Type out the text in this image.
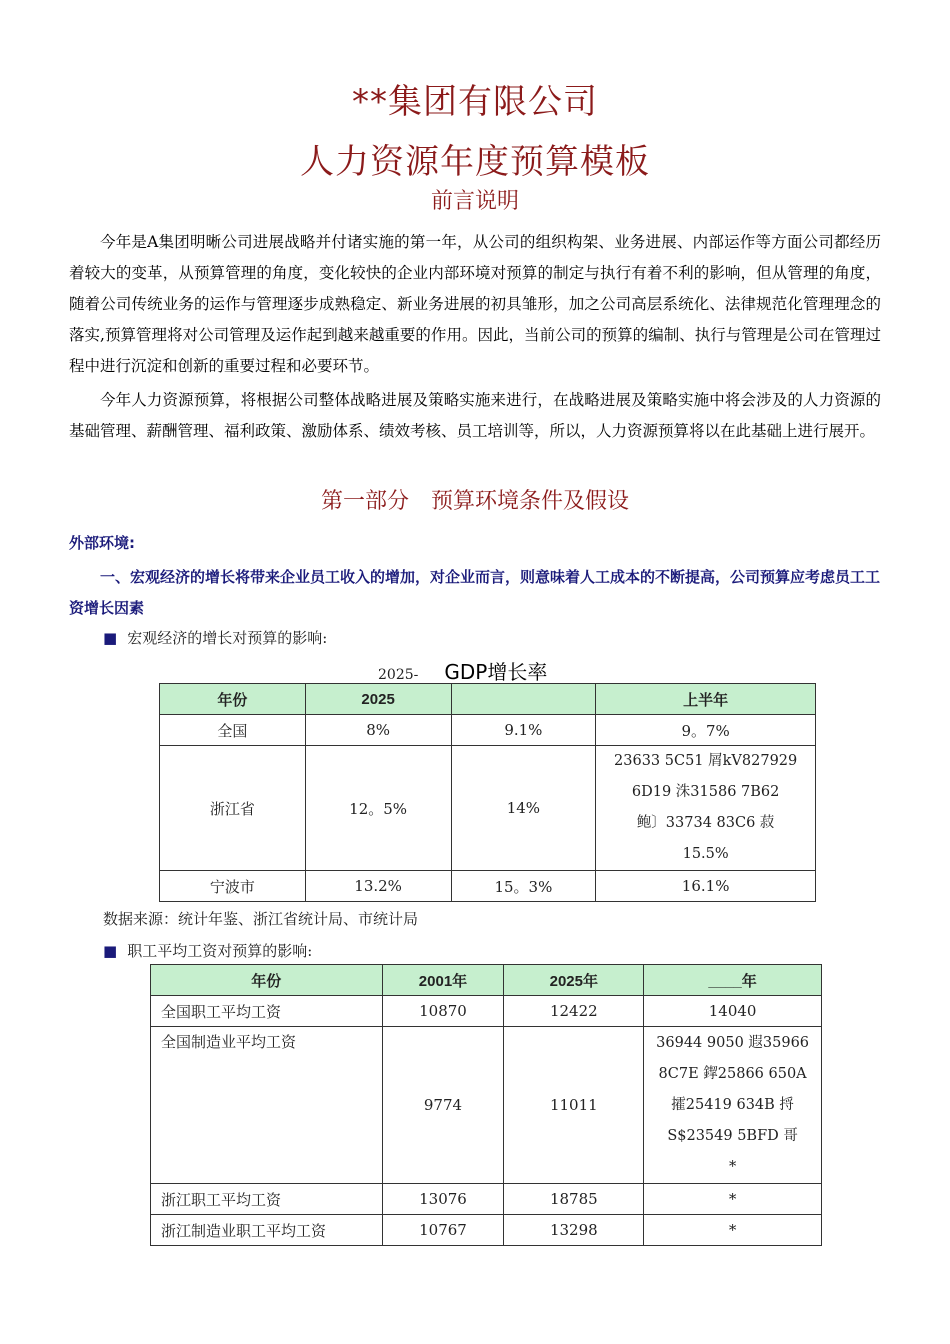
**集团有限公司
人力资源年度预算模板
前言说明
今年是A集团明晰公司进展战略并付诸实施的第一年，从公司的组织构架、业务进展、内部运作等方面公司都经历着较大的变革，从预算管理的角度，变化较快的企业内部环境对预算的制定与执行有着不利的影响，但从管理的角度，随着公司传统业务的运作与管理逐步成熟稳定、新业务进展的初具雏形，加之公司高层系统化、法律规范化管理理念的落实,预算管理将对公司管理及运作起到越来越重要的作用。因此，当前公司的预算的编制、执行与管理是公司在管理过程中进行沉淀和创新的重要过程和必要环节。
今年人力资源预算，将根据公司整体战略进展及策略实施来进行，在战略进展及策略实施中将会涉及的人力资源的基础管理、薪酬管理、福利政策、激励体系、绩效考核、员工培训等，所以，人力资源预算将以在此基础上进行展开。
第一部分　预算环境条件及假设
外部环境:
一、宏观经济的增长将带来企业员工收入的增加，对企业而言，则意味着人工成本的不断提高，公司预算应考虑员工工资增长因素
■ 宏观经济的增长对预算的影响:
2025- GDP增长率
年份	2025		上半年
全国	8%	9.1%	9。7%
浙江省	12。5%	14%	23633 5C51 屑kV827929
6D19 洙31586 7B62
鲍〕33734 83C6 菽
15.5%

宁波市	13.2%	15。3%	16.1%
数据来源：统计年鉴、浙江省统计局、市统计局
■ 职工平均工资对预算的影响:
年份	2001年	2025年	____年
全国职工平均工资	10870	12422	14040
全国制造业平均工资	9774	11011	36944 9050 遐35966
8C7E 䤿25866 650A
攉25419 634B 捋
S$23549 5BFD 哥
*

浙江职工平均工资	13076	18785	*
浙江制造业职工平均工资	10767	13298	*
